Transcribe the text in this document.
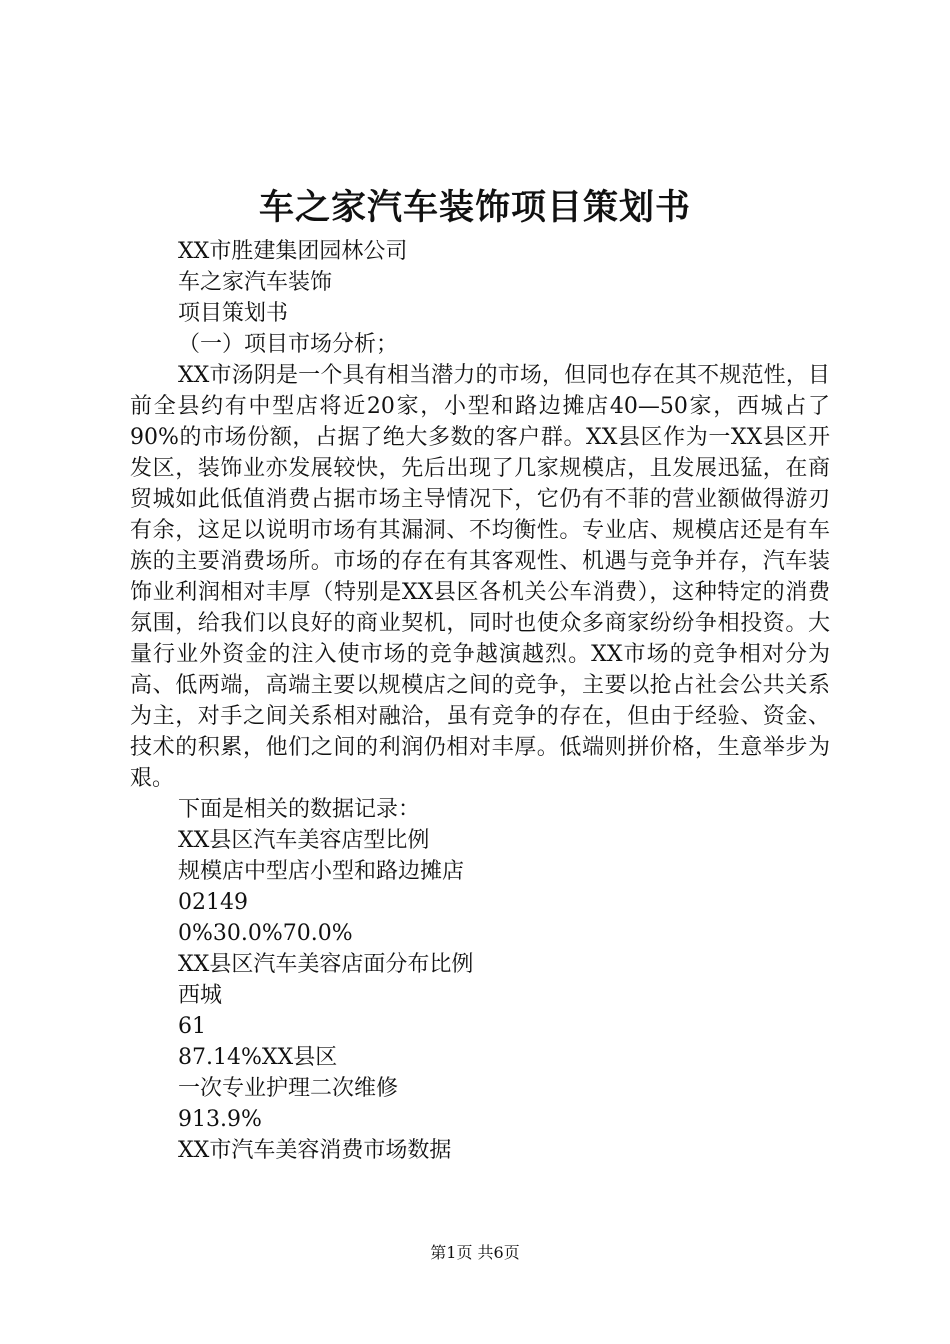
车之家汽车装饰项目策划书
XX市胜建集团园林公司
车之家汽车装饰
项目策划书
（一）项目市场分析；
XX市汤阴是一个具有相当潜力的市场，但同也存在其不规范性，目前全县约有中型店将近20家，小型和路边摊店40—50家，西城占了90%的市场份额，占据了绝大多数的客户群。XX县区作为一XX县区开发区，装饰业亦发展较快，先后出现了几家规模店，且发展迅猛，在商贸城如此低值消费占据市场主导情况下，它仍有不菲的营业额做得游刃有余，这足以说明市场有其漏洞、不均衡性。专业店、规模店还是有车族的主要消费场所。市场的存在有其客观性、机遇与竞争并存，汽车装饰业利润相对丰厚（特别是XX县区各机关公车消费），这种特定的消费氛围，给我们以良好的商业契机，同时也使众多商家纷纷争相投资。大量行业外资金的注入使市场的竞争越演越烈。XX市场的竞争相对分为高、低两端，高端主要以规模店之间的竞争，主要以抢占社会公共关系为主，对手之间关系相对融洽，虽有竞争的存在，但由于经验、资金、技术的积累，他们之间的利润仍相对丰厚。低端则拼价格，生意举步为艰。
下面是相关的数据记录：
XX县区汽车美容店型比例
规模店中型店小型和路边摊店
02149
0%30.0%70.0%
XX县区汽车美容店面分布比例
西城
61
87.14%XX县区
一次专业护理二次维修
913.9%
XX市汽车美容消费市场数据
第1页 共6页
